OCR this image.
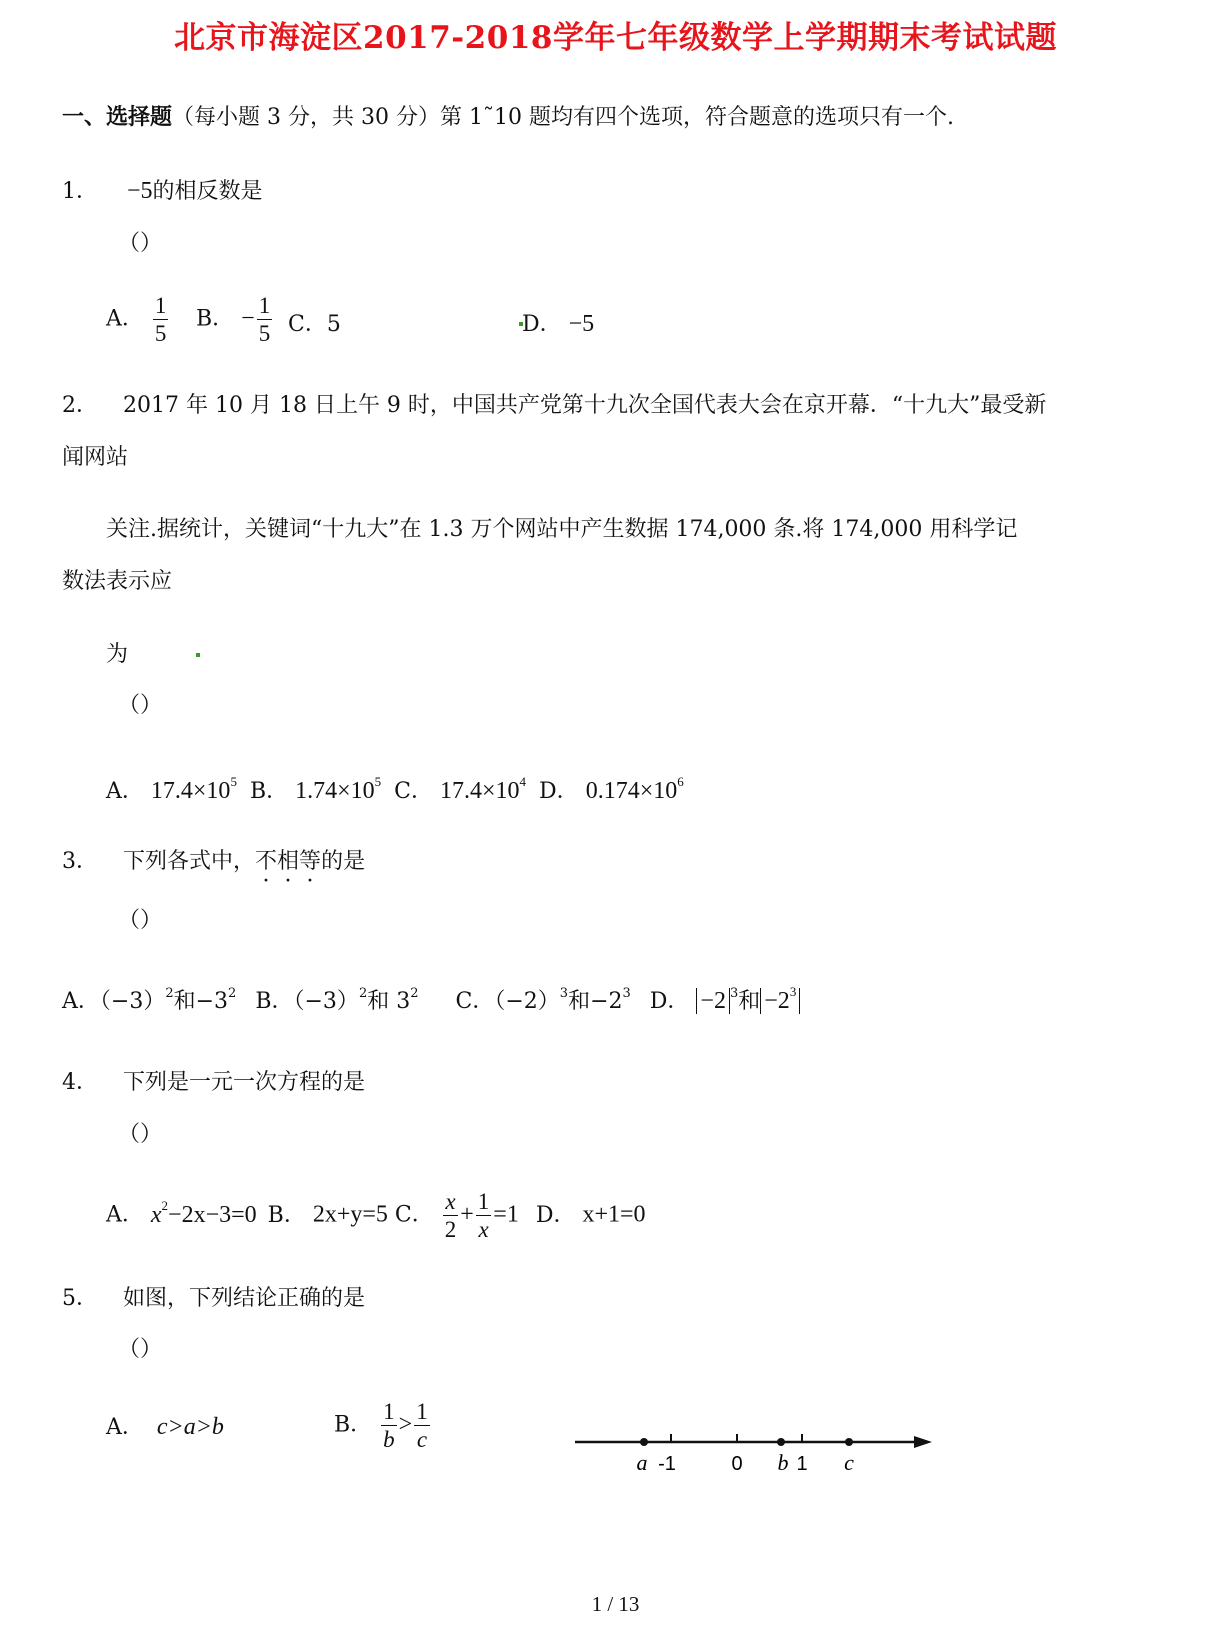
北京市海淀区2017-2018学年七年级数学上学期期末考试试题
一、选择题（每小题 3 分，共 30 分）第 1˜10 题均有四个选项，符合题意的选项只有一个.
1． −5的相反数是
（）
A． $\frac{1}{5}$ B． − $\frac{1}{5}$ C．5	D． −5
2． 2017 年 10 月 18 日上午 9 时，中国共产党第十九次全国代表大会在京开幕．“十九大”最受新
闻网站
关注.据统计，关键词“十九大”在 1.3 万个网站中产生数据 174,000 条.将 174,000 用科学记
数法表示应
为
（）
A． $17.4\times 10^5$ B． $1.74\times 10^5$ C． $17.4\times 10^4$ D． $0.174\times 10^6$
3． 下列各式中，不相等的是
（）
A．$(-3)^2$和$-3^2$ B．$(-3)^2$和 $3^2$ C．$(-2)^3$和$-2^3$ D． −2 $^3$和 $-2^3$
4． 下列是一元一次方程的是
（）
A． $x^2-2x-3=0$ B． 2x+y=5 C． $\frac{x}{2} + \frac{1}{x} =1$ D． x+1=0
5． 如图，下列结论正确的是
（）
A． c>a>b	B． $\frac{1}{b} > \frac{1}{c}$
a -1	0 b 1 c
1 / 13
